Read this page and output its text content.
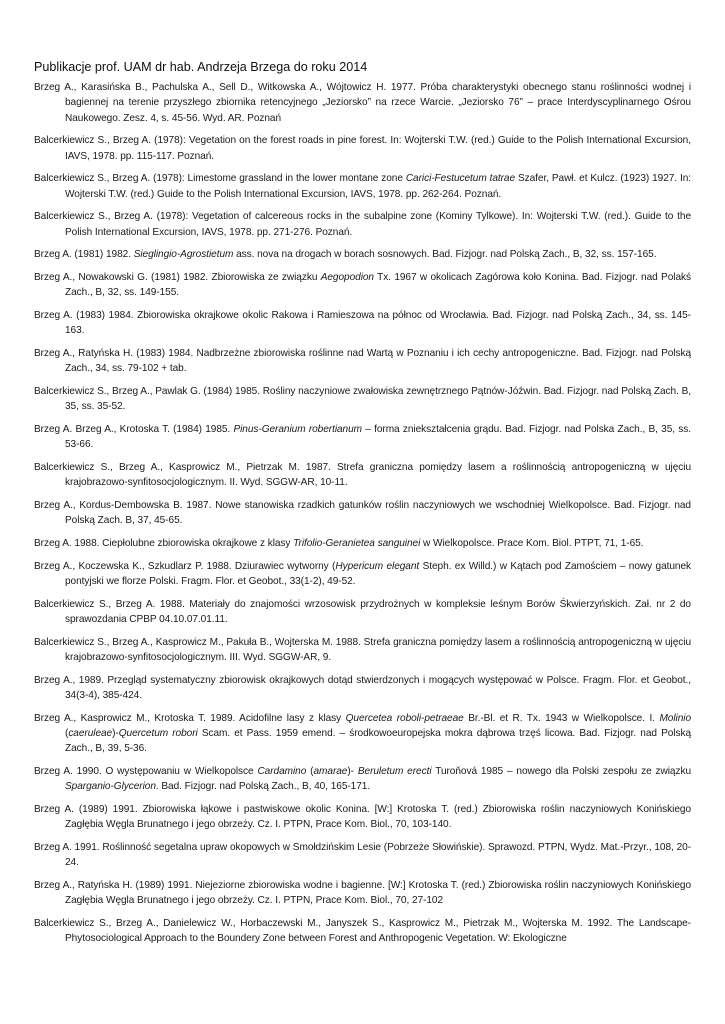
Publikacje prof. UAM dr hab. Andrzeja Brzega do roku 2014
Brzeg A., Karasińska B., Pachulska A., Sell D., Witkowska A., Wójtowicz H. 1977. Próba charakterystyki obecnego stanu roślinności wodnej i bagiennej na terenie przyszłego zbiornika retencyjnego „Jeziorsko” na rzece Warcie. „Jeziorsko 76” – prace Interdyscyplinarnego Ośrou Naukowego. Zesz. 4, s. 45-56. Wyd. AR. Poznań
Balcerkiewicz S., Brzeg A. (1978): Vegetation on the forest roads in pine forest. In: Wojterski T.W. (red.) Guide to the Polish International Excursion, IAVS, 1978. pp. 115-117. Poznań.
Balcerkiewicz S., Brzeg A. (1978): Limestome grassland in the lower montane zone Carici-Festucetum tatrae Szafer, Pawł. et Kulcz. (1923) 1927. In: Wojterski T.W. (red.) Guide to the Polish International Excursion, IAVS, 1978. pp. 262-264. Poznań.
Balcerkiewicz S., Brzeg A. (1978): Vegetation of calcereous rocks in the subalpine zone (Kominy Tylkowe). In: Wojterski T.W. (red.). Guide to the Polish International Excursion, IAVS, 1978. pp. 271-276. Poznań.
Brzeg A. (1981) 1982. Sieglingio-Agrostietum ass. nova na drogach w borach sosnowych. Bad. Fizjogr. nad Polską Zach., B, 32, ss. 157-165.
Brzeg A., Nowakowski G. (1981) 1982. Zbiorowiska ze związku Aegopodion Tx. 1967 w okolicach Zagórowa koło Konina. Bad. Fizjogr. nad Polakś Zach., B, 32, ss. 149-155.
Brzeg A. (1983) 1984. Zbiorowiska okrajkowe okolic Rakowa i Ramieszowa na północ od Wrocławia. Bad. Fizjogr. nad Polską Zach., 34, ss. 145-163.
Brzeg A., Ratyńska H. (1983) 1984. Nadbrzeżne zbiorowiska roślinne nad Wartą w Poznaniu i ich cechy antropogeniczne. Bad. Fizjogr. nad Polską Zach., 34, ss. 79-102 + tab.
Balcerkiewicz S., Brzeg A., Pawlak G. (1984) 1985. Rośliny naczyniowe zwałowiska zewnętrznego Pątnów-Jóźwin. Bad. Fizjogr. nad Polską Zach. B, 35, ss. 35-52.
Brzeg A. Brzeg A., Krotoska T. (1984) 1985. Pinus-Geranium robertianum – forma zniekształcenia grądu. Bad. Fizjogr. nad Polska Zach., B, 35, ss. 53-66.
Balcerkiewicz S., Brzeg A., Kasprowicz M., Pietrzak M. 1987. Strefa graniczna pomiędzy lasem a roślinnością antropogeniczną w ujęciu krajobrazowo-synfitosocjologicznym. II. Wyd. SGGW-AR, 10-11.
Brzeg A., Kordus-Dembowska B. 1987. Nowe stanowiska rzadkich gatunków roślin naczyniowych we wschodniej Wielkopolsce. Bad. Fizjogr. nad Polską Zach. B, 37, 45-65.
Brzeg A. 1988. Ciepłolubne zbiorowiska okrajkowe z klasy Trifolio-Geranietea sanguinei w Wielkopolsce. Prace Kom. Biol. PTPT, 71, 1-65.
Brzeg A., Koczewska K., Szkudlarz P. 1988. Dziurawiec wytworny (Hypericum elegant Steph. ex Willd.) w Kątach pod Zamościem – nowy gatunek pontyjski we florze Polski. Fragm. Flor. et Geobot., 33(1-2), 49-52.
Balcerkiewicz S., Brzeg A. 1988. Materiały do znajomości wrzosowisk przydrożnych w kompleksie leśnym Borów Śkwierzyńskich. Zał. nr 2 do sprawozdania CPBP 04.10.07.01.11.
Balcerkiewicz S., Brzeg A., Kasprowicz M., Pakuła B., Wojterska M. 1988. Strefa graniczna pomiędzy lasem a roślinnością antropogeniczną w ujęciu krajobrazowo-synfitosocjologicznym. III. Wyd. SGGW-AR, 9.
Brzeg A., 1989. Przegląd systematyczny zbiorowisk okrajkowych dotąd stwierdzonych i mogących występować w Polsce. Fragm. Flor. et Geobot., 34(3-4), 385-424.
Brzeg A., Kasprowicz M., Krotoska T. 1989. Acidofilne lasy z klasy Quercetea roboli-petraeae Br.-Bl. et R. Tx. 1943 w Wielkopolsce. I. Molinio (caeruleae)-Quercetum robori Scam. et Pass. 1959 emend. – środkowoeuropejska mokra dąbrowa trzęś licowa. Bad. Fizjogr. nad Polską Zach., B, 39, 5-36.
Brzeg A. 1990. O występowaniu w Wielkopolsce Cardamino (amarae)- Beruletum erecti Turoňová 1985 – nowego dla Polski zespołu ze związku Sparganio-Glycerion. Bad. Fizjogr. nad Polską Zach., B, 40, 165-171.
Brzeg A. (1989) 1991. Zbiorowiska łąkowe i pastwiskowe okolic Konina. [W:] Krotoska T. (red.) Zbiorowiska roślin naczyniowych Konińskiego Zagłębia Węgla Brunatnego i jego obrzeży. Cz. I. PTPN, Prace Kom. Biol., 70, 103-140.
Brzeg A. 1991. Roślinność segetalna upraw okopowych w Smołdzińskim Lesie (Pobrzeże Słowińskie). Sprawozd. PTPN, Wydz. Mat.-Przyr., 108, 20-24.
Brzeg A., Ratyńska H. (1989) 1991. Niejeziorne zbiorowiska wodne i bagienne. [W:] Krotoska T. (red.) Zbiorowiska roślin naczyniowych Konińskiego Zagłębia Węgla Brunatnego i jego obrzeży. Cz. I. PTPN, Prace Kom. Biol., 70, 27-102
Balcerkiewicz S., Brzeg A., Danielewicz W., Horbaczewski M., Janyszek S., Kasprowicz M., Pietrzak M., Wojterska M. 1992. The Landscape-Phytosociological Approach to the Boundery Zone between Forest and Anthropogenic Vegetation. W: Ekologiczne
